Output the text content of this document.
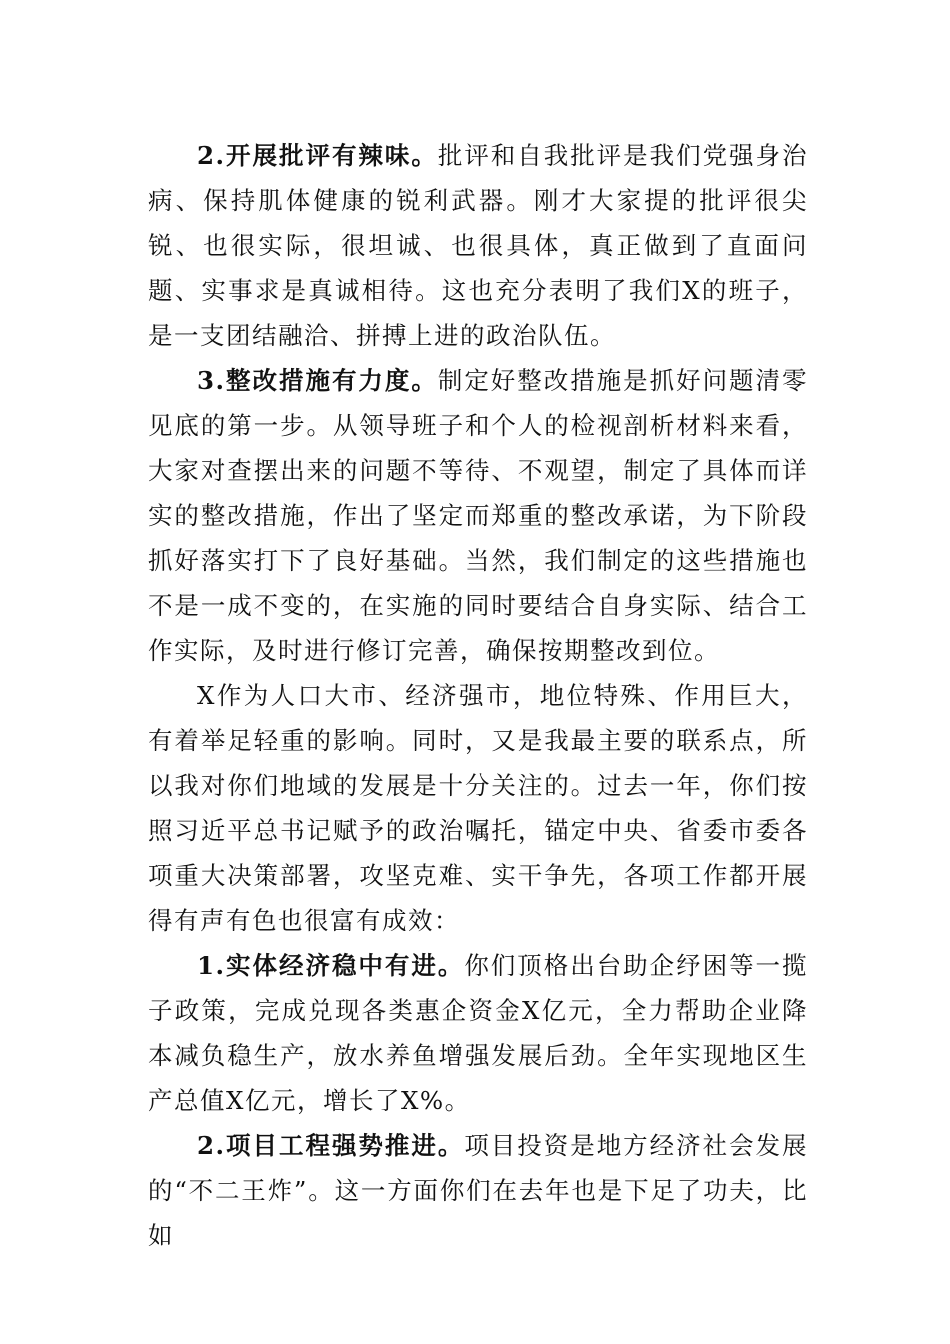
2.开展批评有辣味。批评和自我批评是我们党强身治病、保持肌体健康的锐利武器。刚才大家提的批评很尖锐、也很实际，很坦诚、也很具体，真正做到了直面问题、实事求是真诚相待。这也充分表明了我们X的班子，是一支团结融洽、拼搏上进的政治队伍。

3.整改措施有力度。制定好整改措施是抓好问题清零见底的第一步。从领导班子和个人的检视剖析材料来看，大家对查摆出来的问题不等待、不观望，制定了具体而详实的整改措施，作出了坚定而郑重的整改承诺，为下阶段抓好落实打下了良好基础。当然，我们制定的这些措施也不是一成不变的，在实施的同时要结合自身实际、结合工作实际，及时进行修订完善，确保按期整改到位。

X作为人口大市、经济强市，地位特殊、作用巨大，有着举足轻重的影响。同时，又是我最主要的联系点，所以我对你们地域的发展是十分关注的。过去一年，你们按照习近平总书记赋予的政治嘱托，锚定中央、省委市委各项重大决策部署，攻坚克难、实干争先，各项工作都开展得有声有色也很富有成效：

1.实体经济稳中有进。你们顶格出台助企纾困等一揽子政策，完成兑现各类惠企资金X亿元，全力帮助企业降本减负稳生产，放水养鱼增强发展后劲。全年实现地区生产总值X亿元，增长了X%。

2.项目工程强势推进。项目投资是地方经济社会发展的“不二王炸”。这一方面你们在去年也是下足了功夫，比如
